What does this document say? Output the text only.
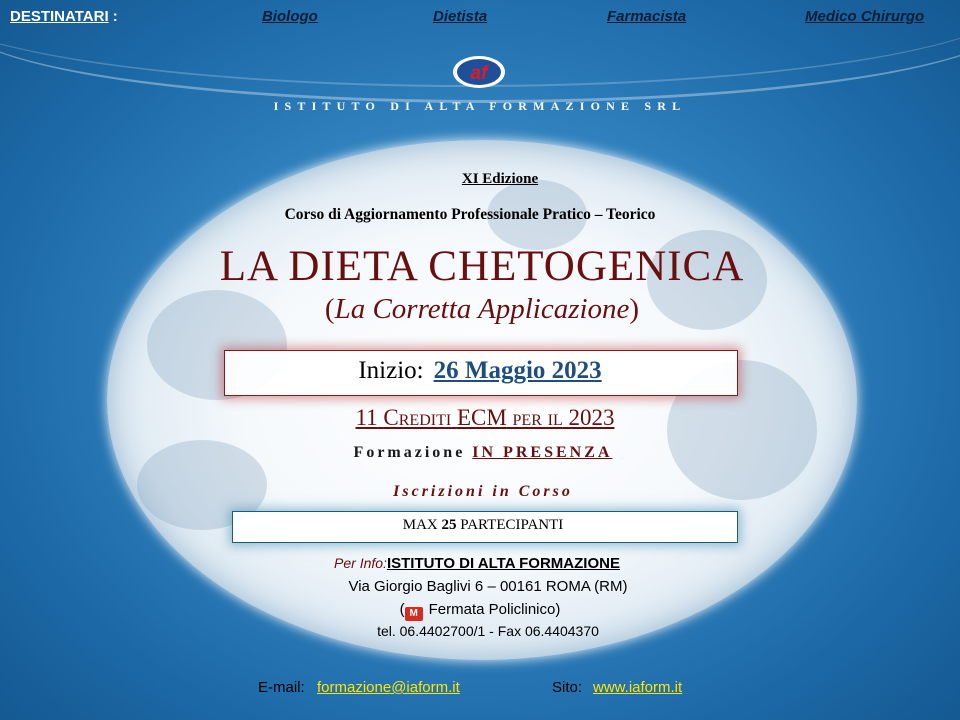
DESTINATARI :	Biologo	Dietista	Farmacista	Medico Chirurgo
af
ISTITUTO DI ALTA FORMAZIONE SRL
XI Edizione
Corso di Aggiornamento Professionale Pratico – Teorico
LA DIETA CHETOGENICA
(La Corretta Applicazione)
Inizio: 26 Maggio 2023
11 Crediti ECM per il 2023
Formazione IN PRESENZA
Iscrizioni in Corso
MAX 25 PARTECIPANTI
Per Info:ISTITUTO DI ALTA FORMAZIONE
Via Giorgio Baglivi 6 – 00161 ROMA (RM)
( M Fermata Policlinico)
tel. 06.4402700/1 - Fax 06.4404370
E-mail: formazione@iaform.it	Sito: www.iaform.it
